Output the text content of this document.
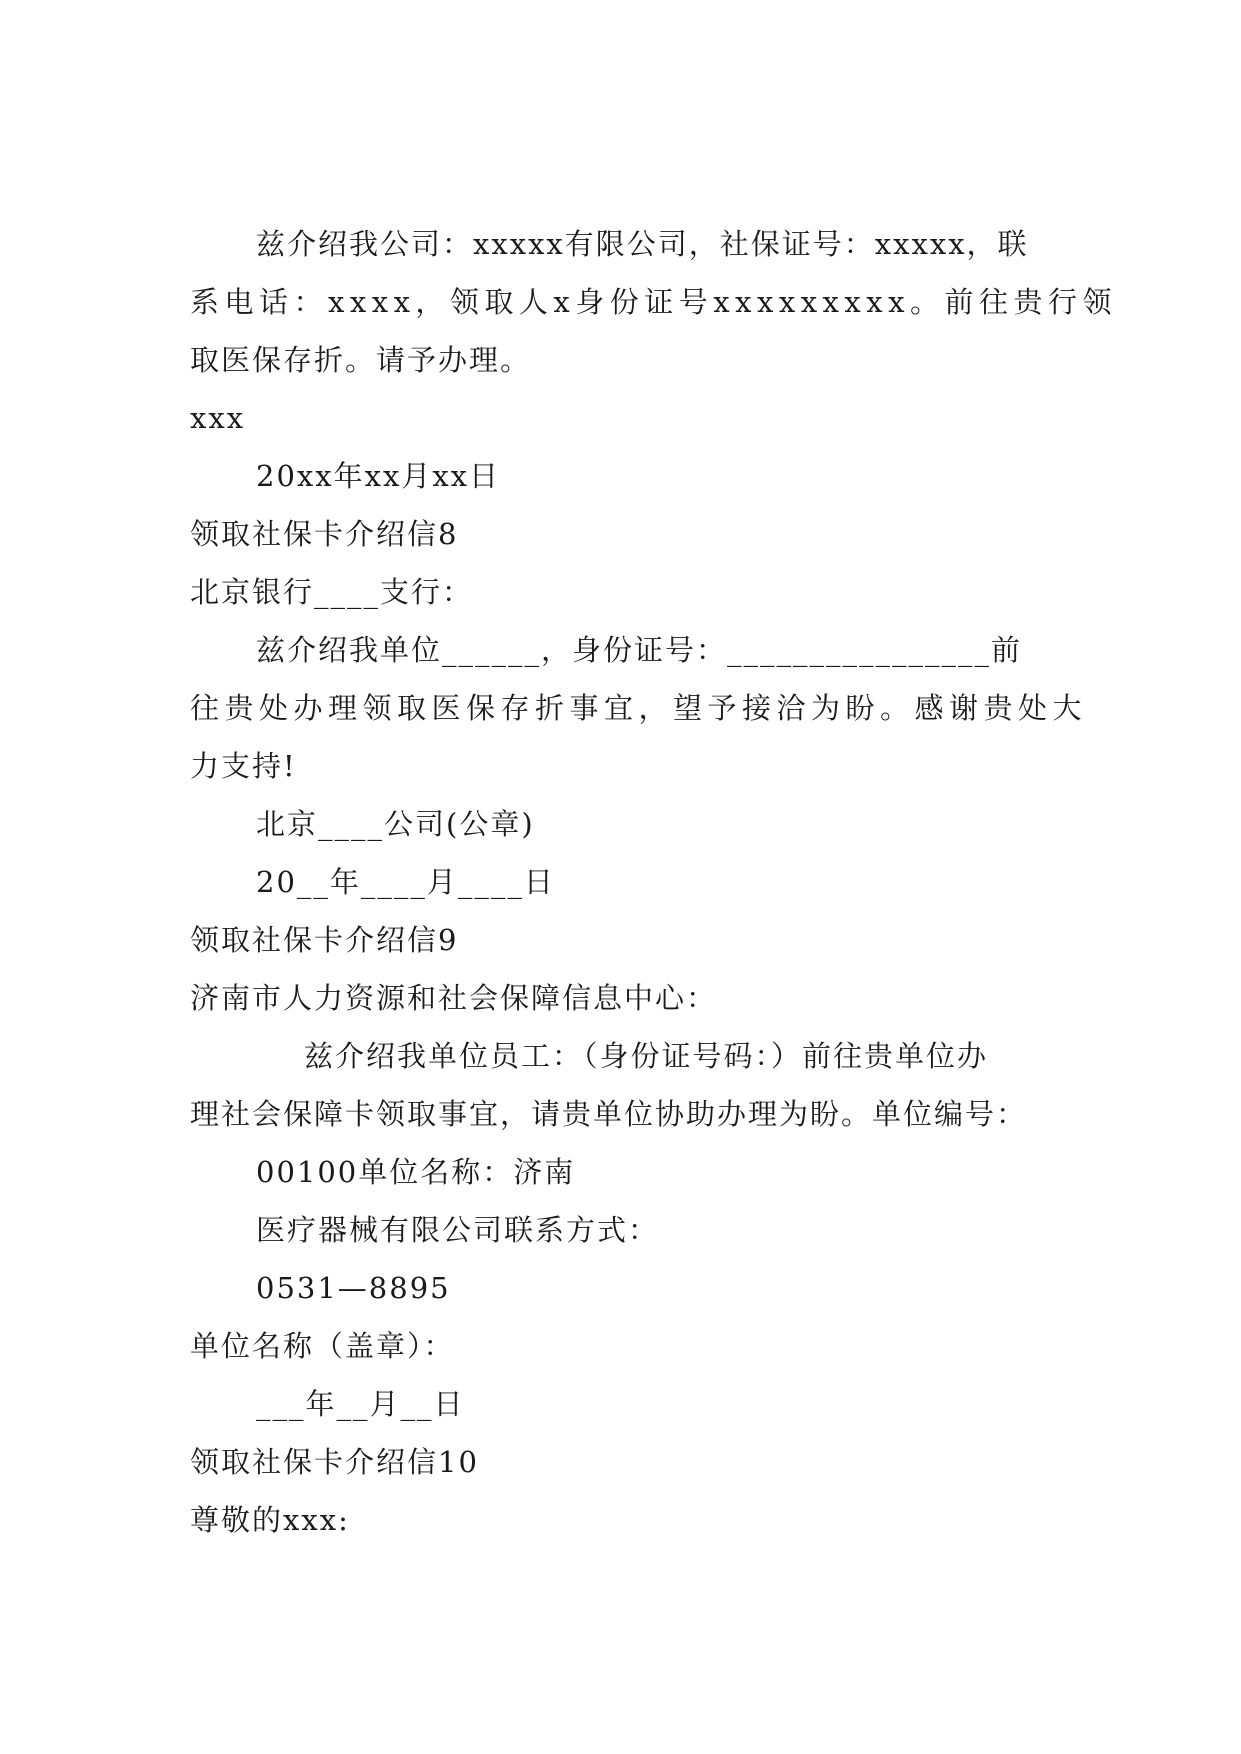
兹介绍我公司：xxxxx有限公司，社保证号：xxxxx，联
系电话：xxxx，领取人x身份证号xxxxxxxxx。前往贵行领
取医保存折。请予办理。
xxx
20xx年xx月xx日
领取社保卡介绍信8
北京银行____支行：
兹介绍我单位______，身份证号：________________前
往贵处办理领取医保存折事宜，望予接洽为盼。感谢贵处大
力支持!
北京____公司(公章)
20__年____月____日
领取社保卡介绍信9
济南市人力资源和社会保障信息中心：
兹介绍我单位员工：（身份证号码：）前往贵单位办
理社会保障卡领取事宜，请贵单位协助办理为盼。单位编号：
00100单位名称：济南
医疗器械有限公司联系方式：
0531—8895
单位名称（盖章）：
___年__月__日
领取社保卡介绍信10
尊敬的xxx:
